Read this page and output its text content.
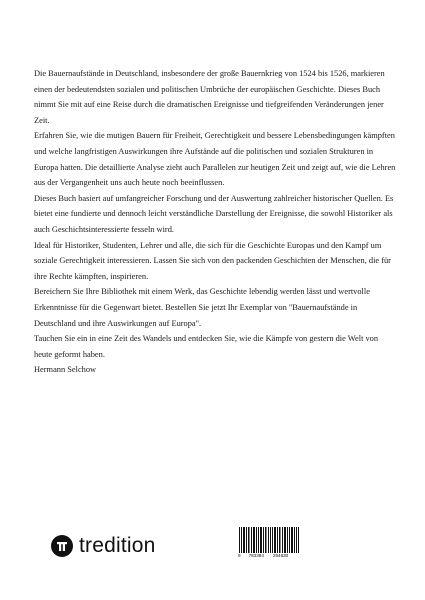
Die Bauernaufstände in Deutschland, insbesondere der große Bauernkrieg von 1524 bis 1526, markieren einen der bedeutendsten sozialen und politischen Umbrüche der europäischen Geschichte. Dieses Buch nimmt Sie mit auf eine Reise durch die dramatischen Ereignisse und tiefgreifenden Veränderungen jener Zeit.

Erfahren Sie, wie die mutigen Bauern für Freiheit, Gerechtigkeit und bessere Lebensbedingungen kämpften und welche langfristigen Auswirkungen ihre Aufstände auf die politischen und sozialen Strukturen in Europa hatten. Die detaillierte Analyse zieht auch Parallelen zur heutigen Zeit und zeigt auf, wie die Lehren aus der Vergangenheit uns auch heute noch beeinflussen.

Dieses Buch basiert auf umfangreicher Forschung und der Auswertung zahlreicher historischer Quellen. Es bietet eine fundierte und dennoch leicht verständliche Darstellung der Ereignisse, die sowohl Historiker als auch Geschichtsinteressierte fesseln wird.

Ideal für Historiker, Studenten, Lehrer und alle, die sich für die Geschichte Europas und den Kampf um soziale Gerechtigkeit interessieren. Lassen Sie sich von den packenden Geschichten der Menschen, die für ihre Rechte kämpften, inspirieren.

Bereichern Sie Ihre Bibliothek mit einem Werk, das Geschichte lebendig werden lässt und wertvolle Erkenntnisse für die Gegenwart bietet. Bestellen Sie jetzt Ihr Exemplar von "Bauernaufstände in Deutschland und ihre Auswirkungen auf Europa".

Tauchen Sie ein in eine Zeit des Wandels und entdecken Sie, wie die Kämpfe von gestern die Welt von heute geformt haben.

Hermann Selchow

tredition	9 783384 294630
